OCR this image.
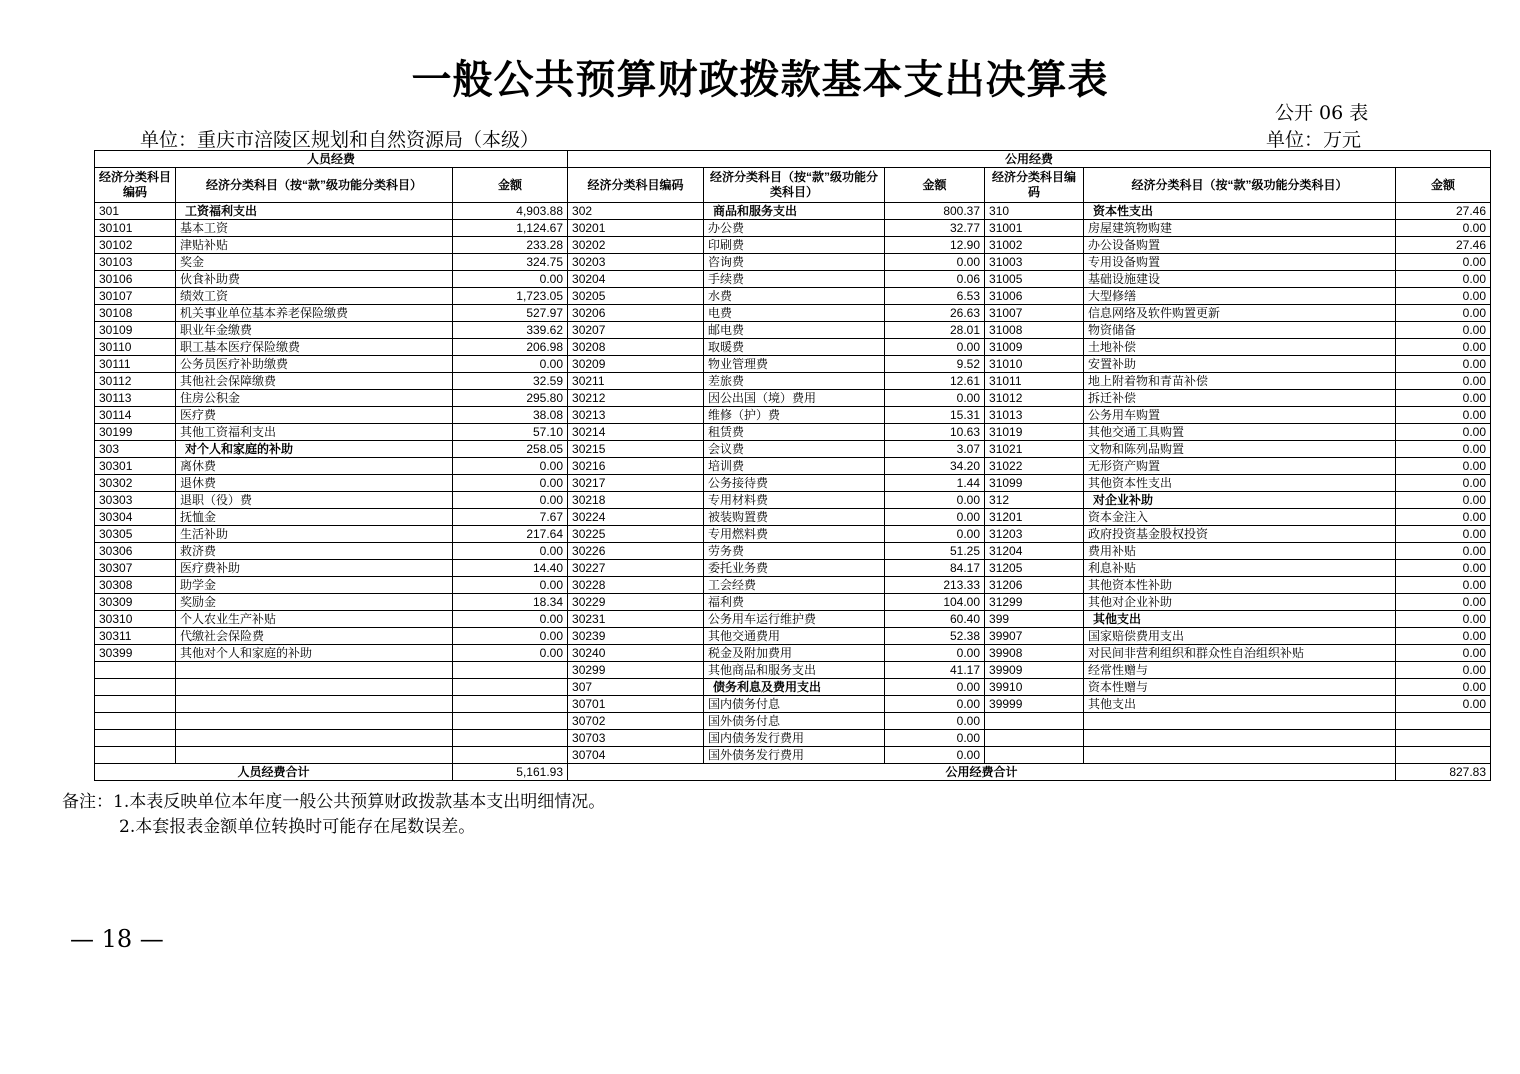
一般公共预算财政拨款基本支出决算表
公开 06 表
单位：重庆市涪陵区规划和自然资源局（本级）	单位：万元
人员经费			公用经费					
经济分类科目编码	经济分类科目（按“款”级功能分类科目）	金额	经济分类科目编码	经济分类科目（按“款”级功能分类科目）	金额	经济分类科目编码	经济分类科目（按“款”级功能分类科目）	金额
301	工资福利支出	4,903.88	302	商品和服务支出	800.37	310	资本性支出	27.46
30101	基本工资	1,124.67	30201	办公费	32.77	31001	房屋建筑物购建	0.00
30102	津贴补贴	233.28	30202	印刷费	12.90	31002	办公设备购置	27.46
30103	奖金	324.75	30203	咨询费	0.00	31003	专用设备购置	0.00
30106	伙食补助费	0.00	30204	手续费	0.06	31005	基础设施建设	0.00
30107	绩效工资	1,723.05	30205	水费	6.53	31006	大型修缮	0.00
30108	机关事业单位基本养老保险缴费	527.97	30206	电费	26.63	31007	信息网络及软件购置更新	0.00
30109	职业年金缴费	339.62	30207	邮电费	28.01	31008	物资储备	0.00
30110	职工基本医疗保险缴费	206.98	30208	取暖费	0.00	31009	土地补偿	0.00
30111	公务员医疗补助缴费	0.00	30209	物业管理费	9.52	31010	安置补助	0.00
30112	其他社会保障缴费	32.59	30211	差旅费	12.61	31011	地上附着物和青苗补偿	0.00
30113	住房公积金	295.80	30212	因公出国（境）费用	0.00	31012	拆迁补偿	0.00
30114	医疗费	38.08	30213	维修（护）费	15.31	31013	公务用车购置	0.00
30199	其他工资福利支出	57.10	30214	租赁费	10.63	31019	其他交通工具购置	0.00
303	对个人和家庭的补助	258.05	30215	会议费	3.07	31021	文物和陈列品购置	0.00
30301	离休费	0.00	30216	培训费	34.20	31022	无形资产购置	0.00
30302	退休费	0.00	30217	公务接待费	1.44	31099	其他资本性支出	0.00
30303	退职（役）费	0.00	30218	专用材料费	0.00	312	对企业补助	0.00
30304	抚恤金	7.67	30224	被装购置费	0.00	31201	资本金注入	0.00
30305	生活补助	217.64	30225	专用燃料费	0.00	31203	政府投资基金股权投资	0.00
30306	救济费	0.00	30226	劳务费	51.25	31204	费用补贴	0.00
30307	医疗费补助	14.40	30227	委托业务费	84.17	31205	利息补贴	0.00
30308	助学金	0.00	30228	工会经费	213.33	31206	其他资本性补助	0.00
30309	奖励金	18.34	30229	福利费	104.00	31299	其他对企业补助	0.00
30310	个人农业生产补贴	0.00	30231	公务用车运行维护费	60.40	399	其他支出	0.00
30311	代缴社会保险费	0.00	30239	其他交通费用	52.38	39907	国家赔偿费用支出	0.00
30399	其他对个人和家庭的补助	0.00	30240	税金及附加费用	0.00	39908	对民间非营利组织和群众性自治组织补贴	0.00
			30299	其他商品和服务支出	41.17	39909	经常性赠与	0.00
			307	债务利息及费用支出	0.00	39910	资本性赠与	0.00
			30701	国内债务付息	0.00	39999	其他支出	0.00
			30702	国外债务付息	0.00			
			30703	国内债务发行费用	0.00			
			30704	国外债务发行费用	0.00			
人员经费合计		5,161.93	公用经费合计					827.83
备注：1.本表反映单位本年度一般公共预算财政拨款基本支出明细情况。
2.本套报表金额单位转换时可能存在尾数误差。
— 18 —
